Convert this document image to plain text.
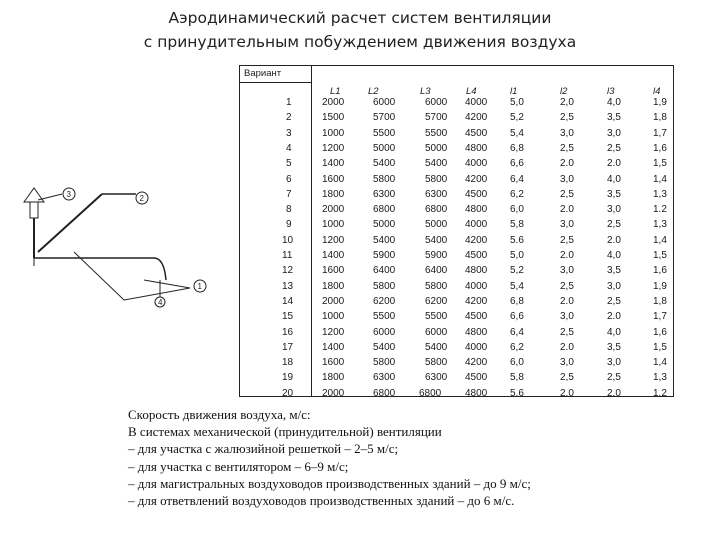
Аэродинамический расчет систем вентиляции
с принудительным побуждением движения воздуха
3	2
1
4
Вариант
L1	L2	L3	L4	l1	l2	l3	l4
1	2000	6000	6000 4000 5,0	2,0	4,0	1,9
2	1500	5700	5700 4200 5,2	2,5	3,5	1,8
3	1000	5500	5500 4500 5,4	3,0	3,0	1,7
4	1200	5000	5000 4800 6,8	2,5	2,5	1,6
5	1400	5400	5400 4000 6,6	2.0	2.0	1,5
6	1600	5800	5800 4200 6,4	3,0	4,0	1,4
7	1800	6300	6300 4500 6,2	2,5	3,5	1,3
8	2000	6800	6800 4800 6,0	2.0	3,0	1.2
9	1000	5000	5000 4000 5,8	3,0	2,5	1,3
10	1200	5400	5400 4200 5.6	2,5	2.0	1,4
11	1400	5900	5900 4500 5,0	2.0	4,0	1,5
12	1600	6400	6400 4800 5,2	3,0	3,5	1,6
13	1800	5800	5800 4000 5,4	2,5	3,0	1,9
14	2000	6200	6200 4200 6,8	2.0	2,5	1,8
15	1000	5500	5500 4500 6,6	3,0	2.0	1,7
16	1200	6000	6000 4800 6,4	2,5	4,0	1,6
17	1400	5400	5400 4000 6,2	2.0	3,5	1,5
18	1600	5800	5800 4200 6,0	3,0	3,0	1,4
19	1800	6300	6300 4500 5,8	2,5	2,5	1,3
20	2000	6800 6800 4800 5.6	2.0	2.0	1.2
Скорость движения воздуха, м/с:
В системах механической (принудительной) вентиляции
– для участка с жалюзийной решеткой – 2–5 м/с;
– для участка с вентилятором – 6–9 м/с;
– для магистральных воздуховодов производственных зданий – до 9 м/с;
– для ответвлений воздуховодов производственных зданий – до 6 м/с.
